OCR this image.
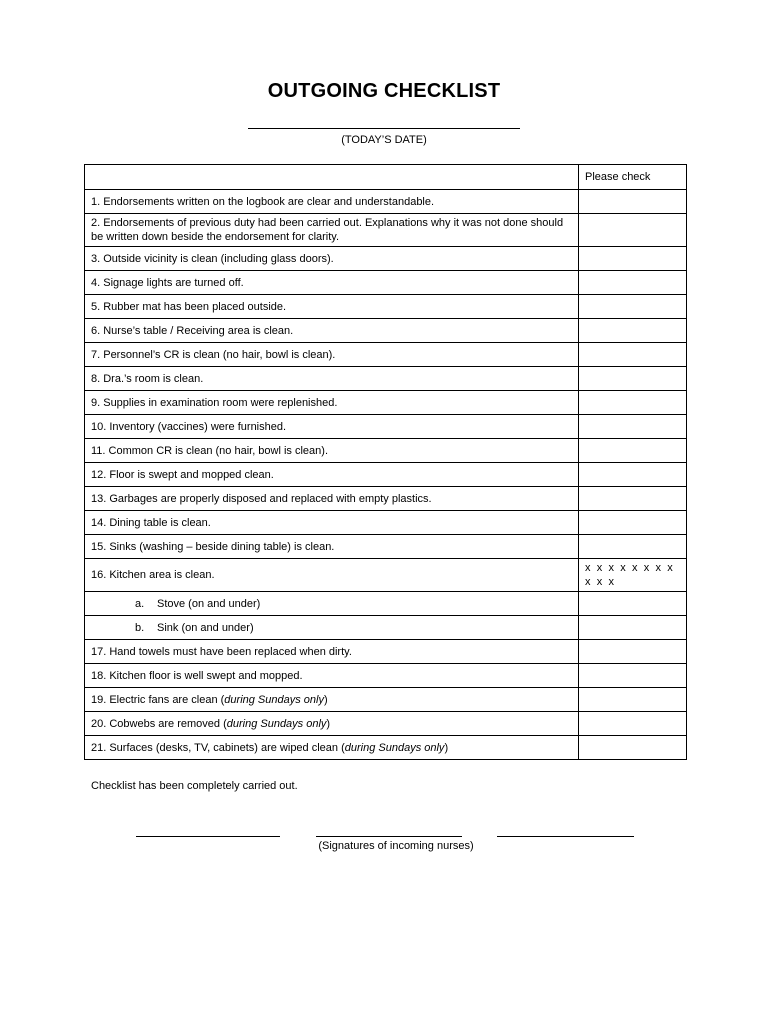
OUTGOING CHECKLIST
(TODAY’S DATE)
	Please check
1. Endorsements written on the logbook are clear and understandable.	
2. Endorsements of previous duty had been carried out. Explanations why it was not done should be written down beside the endorsement for clarity.	
3. Outside vicinity is clean (including glass doors).	
4. Signage lights are turned off.	
5. Rubber mat has been placed outside.	
6. Nurse’s table / Receiving area is clean.	
7. Personnel’s CR is clean (no hair, bowl is clean).	
8. Dra.’s room is clean.	
9. Supplies in examination room were replenished.	
10. Inventory (vaccines) were furnished.	
11. Common CR is clean (no hair, bowl is clean).	
12. Floor is swept and mopped clean.	
13. Garbages are properly disposed and replaced with empty plastics.	
14. Dining table is clean.	
15. Sinks (washing – beside dining table) is clean.	
16. Kitchen area is clean.	x x x x x x x x x x x
a. Stove (on and under)	
b. Sink (on and under)	
17. Hand towels must have been replaced when dirty.	
18. Kitchen floor is well swept and mopped.	
19. Electric fans are clean (during Sundays only)	
20. Cobwebs are removed (during Sundays only)	
21. Surfaces (desks, TV, cabinets) are wiped clean (during Sundays only)	
Checklist has been completely carried out.
(Signatures of incoming nurses)
